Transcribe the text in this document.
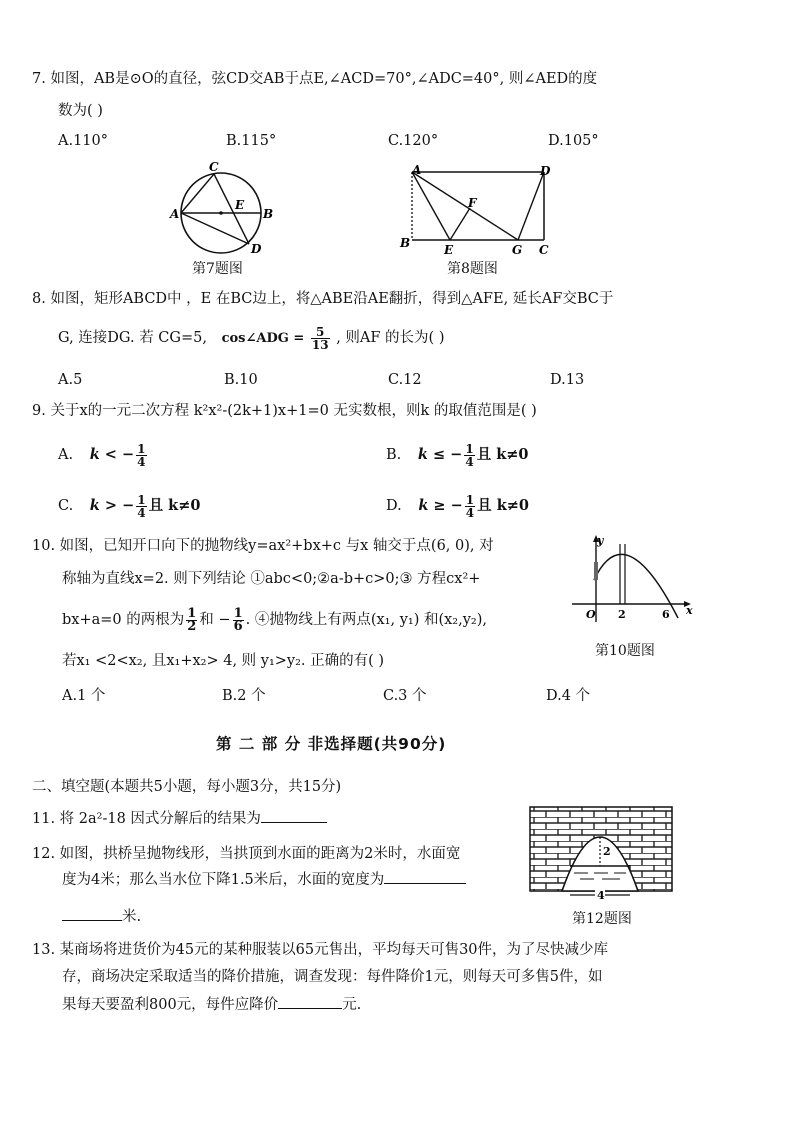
7. 如图，AB是⊙O的直径，弦CD交AB于点E,∠ACD=70°,∠ADC=40°, 则∠AED的度
数为( )
A.110°	B.115°	C.120°	D.105°
C
A
E
B
D
第7题图
A	D
F
B	E	G C
第8题图
8. 如图，矩形ABCD中 ，E 在BC边上，将△ABE沿AE翻折，得到△AFE, 延长AF交BC于
G, 连接DG. 若 CG=5, cos∠ADG = $\frac{5}{13}$ , 则AF 的长为( )
A.5	B.10	C.12	D.13
9. 关于x的一元二次方程 k²x²-(2k+1)x+1=0 无实数根，则k 的取值范围是( )
A. k < − $\frac{1}{4}$	B. k ≤ − $\frac{1}{4}$ 且 k≠0
C. k > − $\frac{1}{4}$ 且 k≠0	D. k ≥ − $\frac{1}{4}$ 且 k≠0
10. 如图，已知开口向下的抛物线y=ax²+bx+c 与x 轴交于点(6, 0), 对
称轴为直线x=2. 则下列结论 ①abc<0;②a-b+c>0;③ 方程cx²+
bx+a=0 的两根为 $\frac{1}{2}$ 和 − $\frac{1}{6}$ . ④抛物线上有两点(x₁, y₁) 和(x₂,y₂),
若x₁ <2<x₂, 且x₁+x₂> 4, 则 y₁>y₂. 正确的有( )
A.1 个	B.2 个	C.3 个	D.4 个
y
O 2	6 x
第10题图
第 二 部 分 非选择题(共90分)
二、填空题(本题共5小题，每小题3分，共15分)
11. 将 2a²-18 因式分解后的结果为
12. 如图，拱桥呈抛物线形，当拱顶到水面的距离为2米时，水面宽
度为4米；那么当水位下降1.5米后，水面的宽度为
米.
2
4
第12题图
13. 某商场将进货价为45元的某种服装以65元售出，平均每天可售30件，为了尽快减少库
存，商场决定采取适当的降价措施，调查发现：每件降价1元，则每天可多售5件，如
果每天要盈利800元，每件应降价	元.
